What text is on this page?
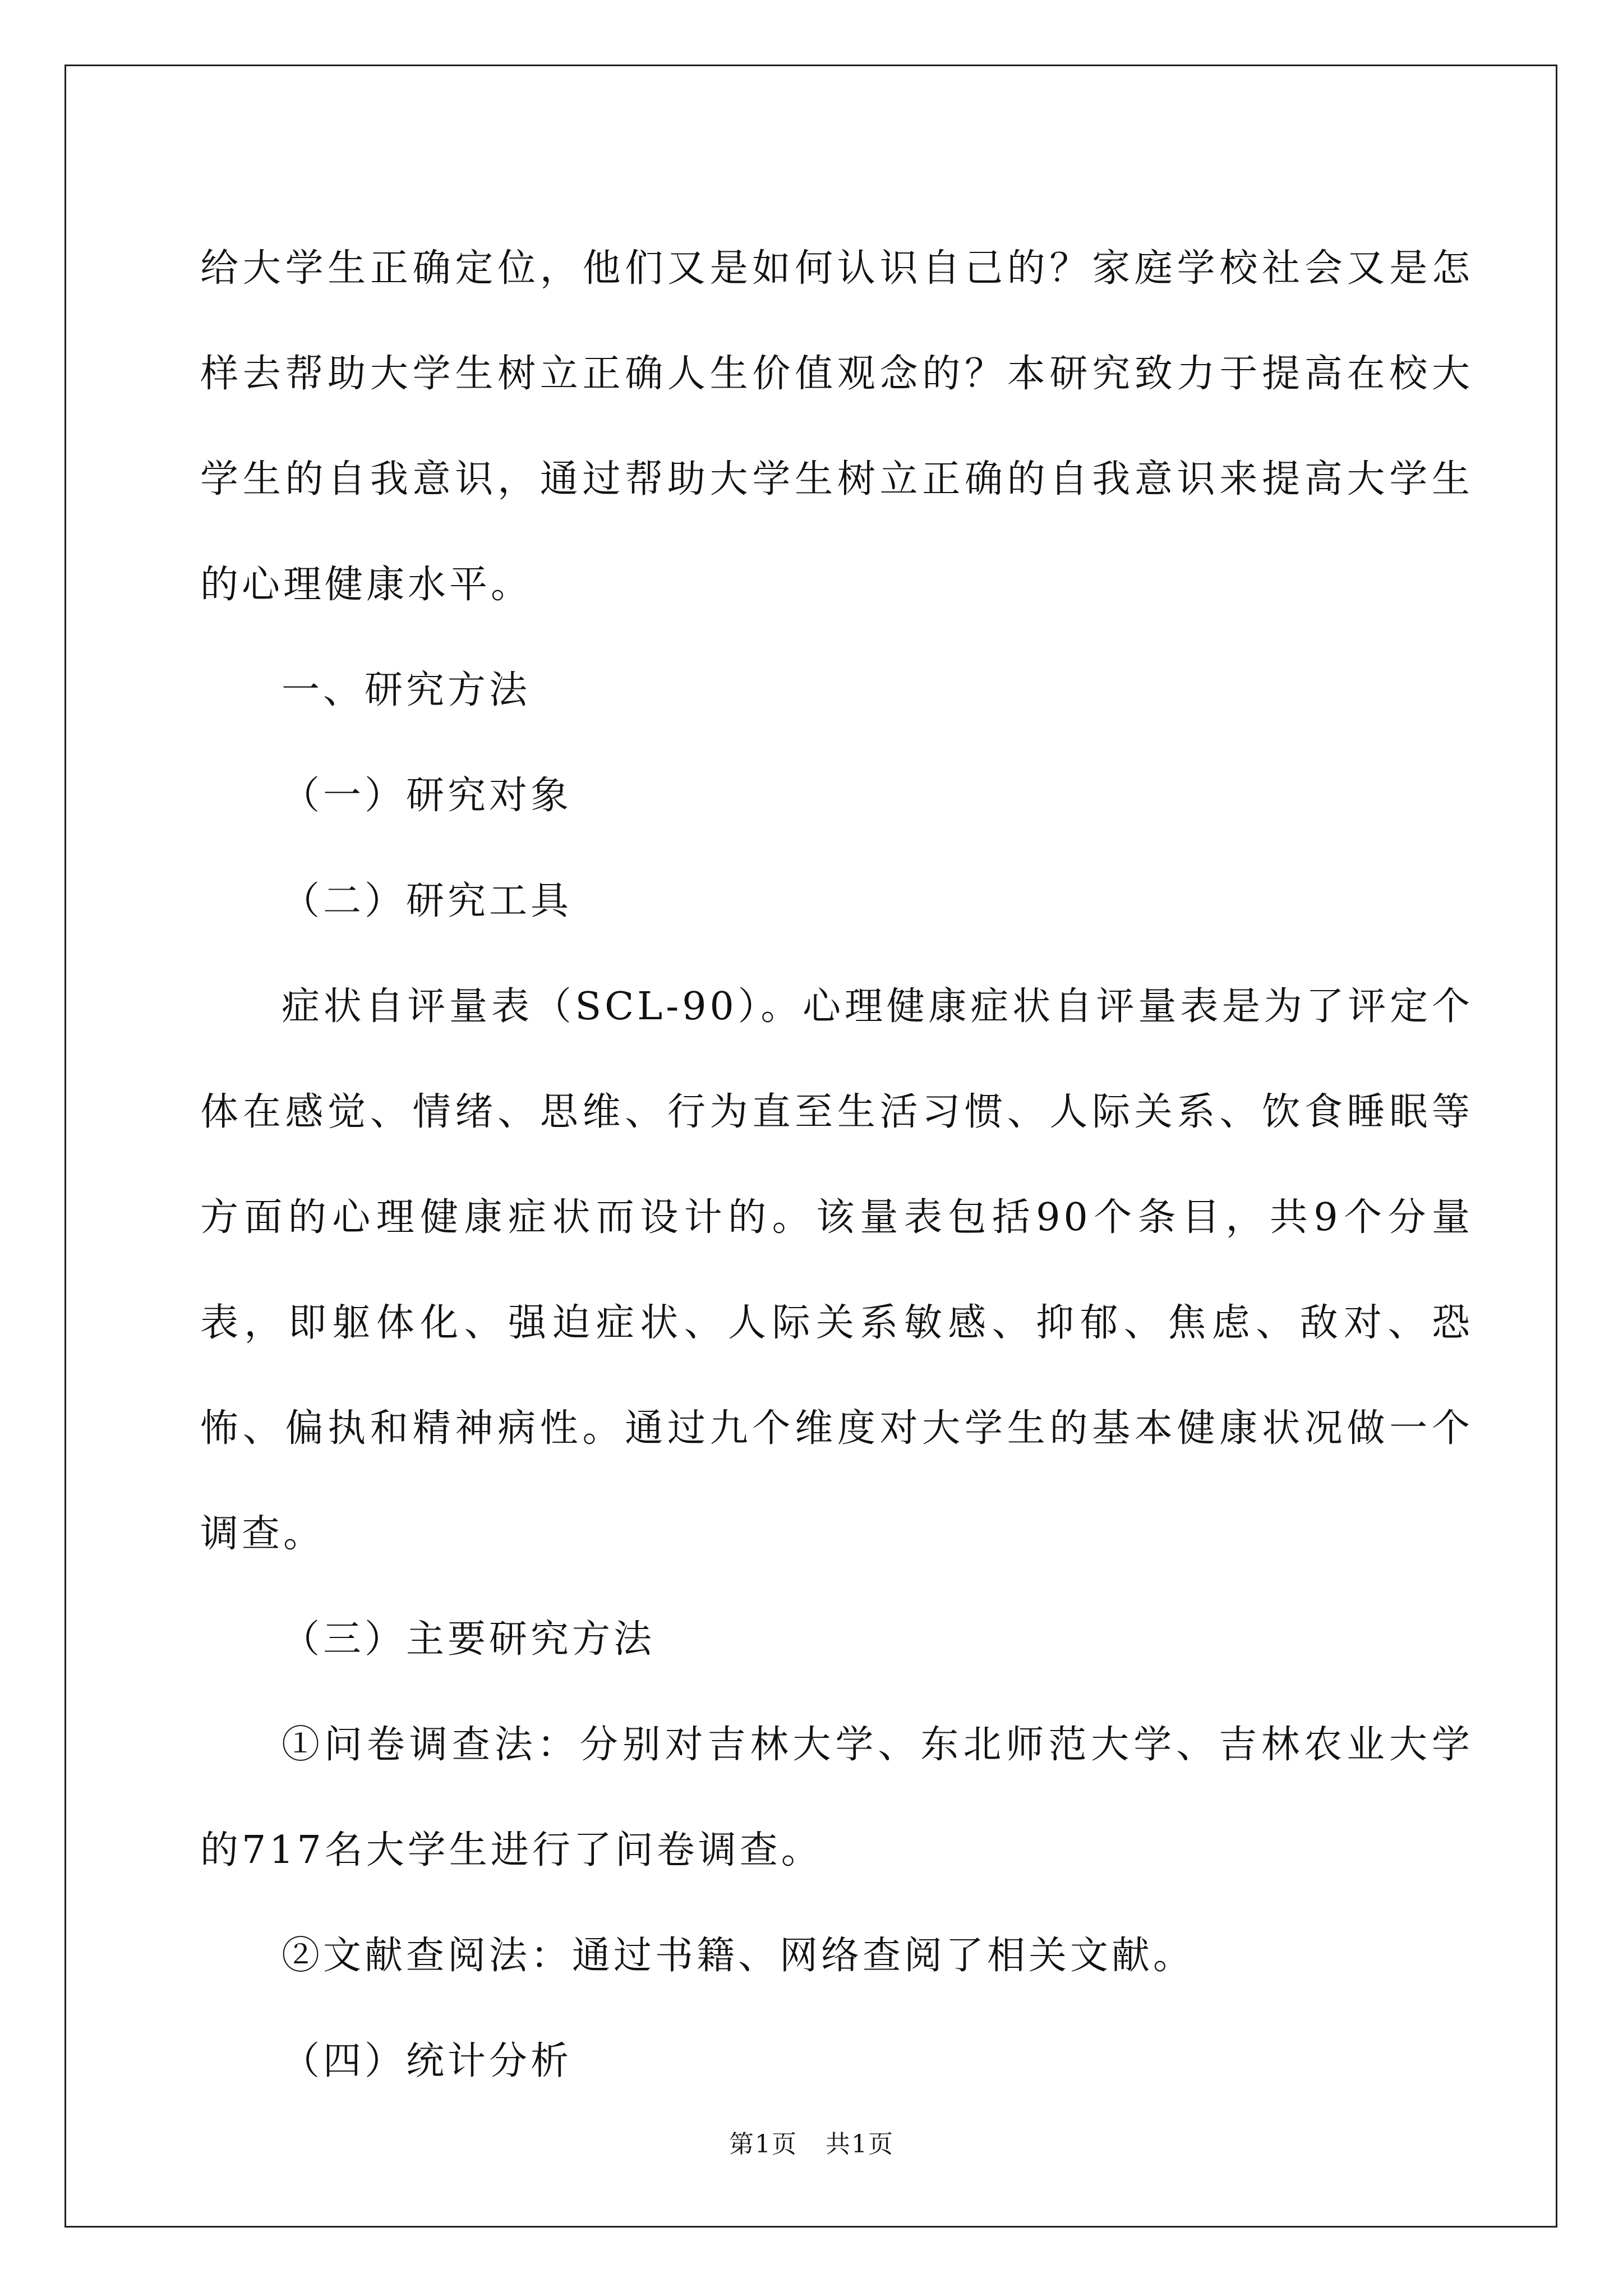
给大学生正确定位，他们又是如何认识自己的？家庭学校社会又是怎样去帮助大学生树立正确人生价值观念的？本研究致力于提高在校大学生的自我意识，通过帮助大学生树立正确的自我意识来提高大学生的心理健康水平。

一、研究方法

（一）研究对象

（二）研究工具

症状自评量表（SCL-90）。心理健康症状自评量表是为了评定个体在感觉、情绪、思维、行为直至生活习惯、人际关系、饮食睡眠等方面的心理健康症状而设计的。该量表包括90个条目，共9个分量表，即躯体化、强迫症状、人际关系敏感、抑郁、焦虑、敌对、恐怖、偏执和精神病性。通过九个维度对大学生的基本健康状况做一个调查。

（三）主要研究方法

①问卷调查法：分别对吉林大学、东北师范大学、吉林农业大学的717名大学生进行了问卷调查。

②文献查阅法：通过书籍、网络查阅了相关文献。

（四）统计分析

第1页 共1页
